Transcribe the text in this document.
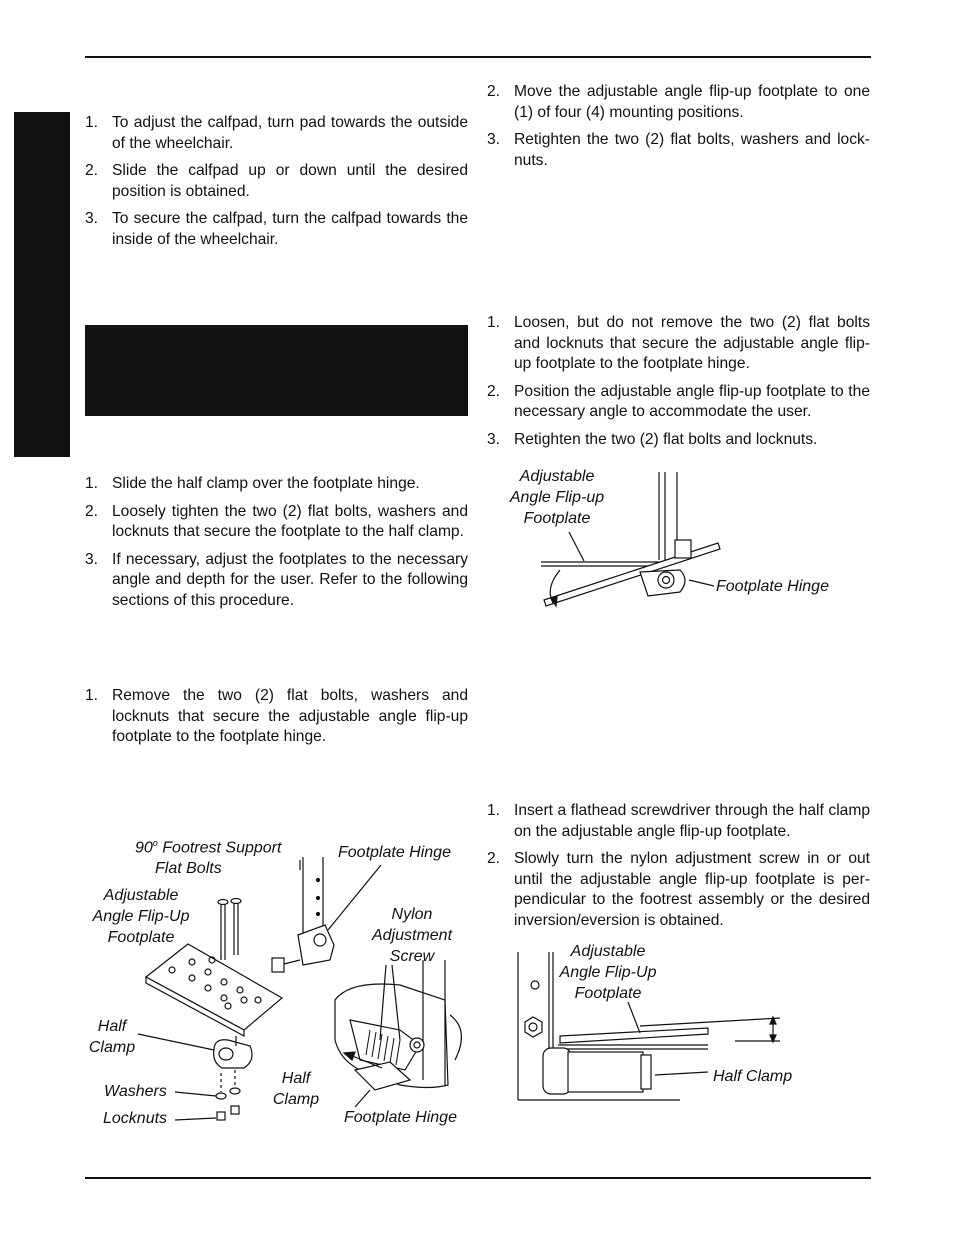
1. To adjust the calfpad, turn pad towards the outside of the wheelchair.
2. Slide the calfpad up or down until the desired position is obtained.
3. To secure the calfpad, turn the calfpad towards the inside of the wheelchair.
1. Slide the half clamp over the footplate hinge.
2. Loosely tighten the two (2) flat bolts, washers and locknuts that secure the footplate to the half clamp.
3. If necessary, adjust the footplates to the necessary angle and depth for the user. Refer to the following sections of this procedure.
1. Remove the two (2) flat bolts, washers and locknuts that secure the adjustable angle flip-up footplate to the footplate hinge.
2. Move the adjustable angle flip-up footplate to one (1) of four (4) mounting positions.
3. Retighten the two (2) flat bolts, washers and lock-nuts.
1. Loosen, but do not remove the two (2) flat bolts and locknuts that secure the adjustable angle flip-up footplate to the footplate hinge.
2. Position the adjustable angle flip-up footplate to the necessary angle to accommodate the user.
3. Retighten the two (2) flat bolts and locknuts.
1. Insert a flathead screwdriver through the half clamp on the adjustable angle flip-up footplate.
2. Slowly turn the nylon adjustment screw in or out until the adjustable angle flip-up footplate is per-pendicular to the footrest assembly or the desired inversion/eversion is obtained.
Adjustable
Angle Flip-up
Footplate
Footplate Hinge
90$^o$ Footrest Support
Flat Bolts
Adjustable
Angle Flip-Up
Footplate
Footplate Hinge
Nylon
Adjustment
Screw
Half
Clamp
Washers
Locknuts
Half
Clamp
Footplate Hinge
Adjustable
Angle Flip-Up
Footplate
Half Clamp
